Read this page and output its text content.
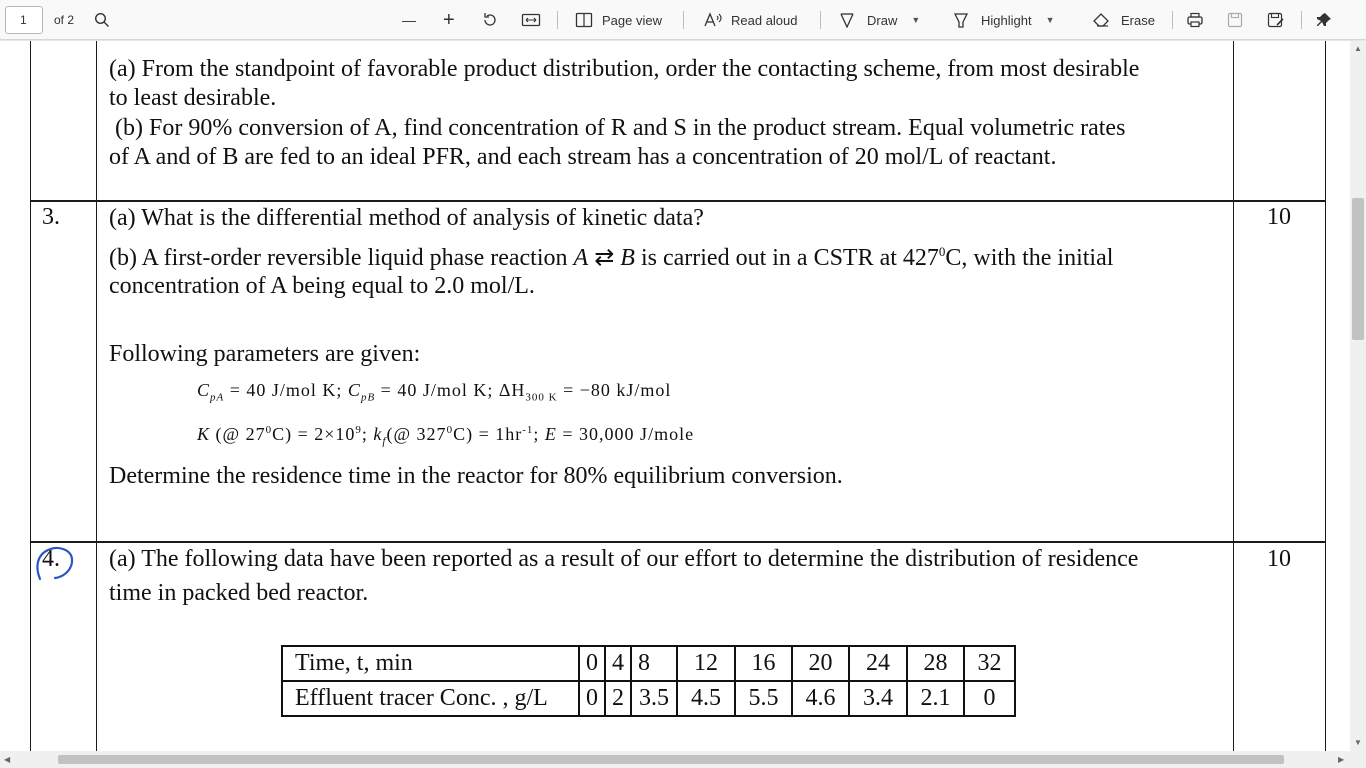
1
of 2	— +	Page view	Read aloud	Draw ▼	Highlight ▼	Erase
(a) From the standpoint of favorable product distribution, order the contacting scheme, from most desirable
to least desirable.
(b) For 90% conversion of A, find concentration of R and S in the product stream. Equal volumetric rates
of A and of B are fed to an ideal PFR, and each stream has a concentration of 20 mol/L of reactant.
3.	10
(a) What is the differential method of analysis of kinetic data?
(b) A first-order reversible liquid phase reaction A ⇄ B is carried out in a CSTR at $427^0C$, with the initial
concentration of A being equal to 2.0 mol/L.
Following parameters are given:
$C_{pA} = 40$ J/mol K; $C_{pB} = 40$ J/mol K; $\Delta H_{300 K} = -80$ kJ/mol
K (@ $27^0C) = 2\times 10^9$; $k_f(@$ $327^0C) = 1hr^{-1}$; E = 30,000 J/mole
Determine the residence time in the reactor for 80% equilibrium conversion.
4.	10
(a) The following data have been reported as a result of our effort to determine the distribution of residence
time in packed bed reactor.
Time, t, min	0	4	8	12	16	20	24	28	32
Effluent tracer Conc. , g/L	0	2	3.5	4.5	5.5	4.6	3.4	2.1	0
▲
▼
◀	▶
